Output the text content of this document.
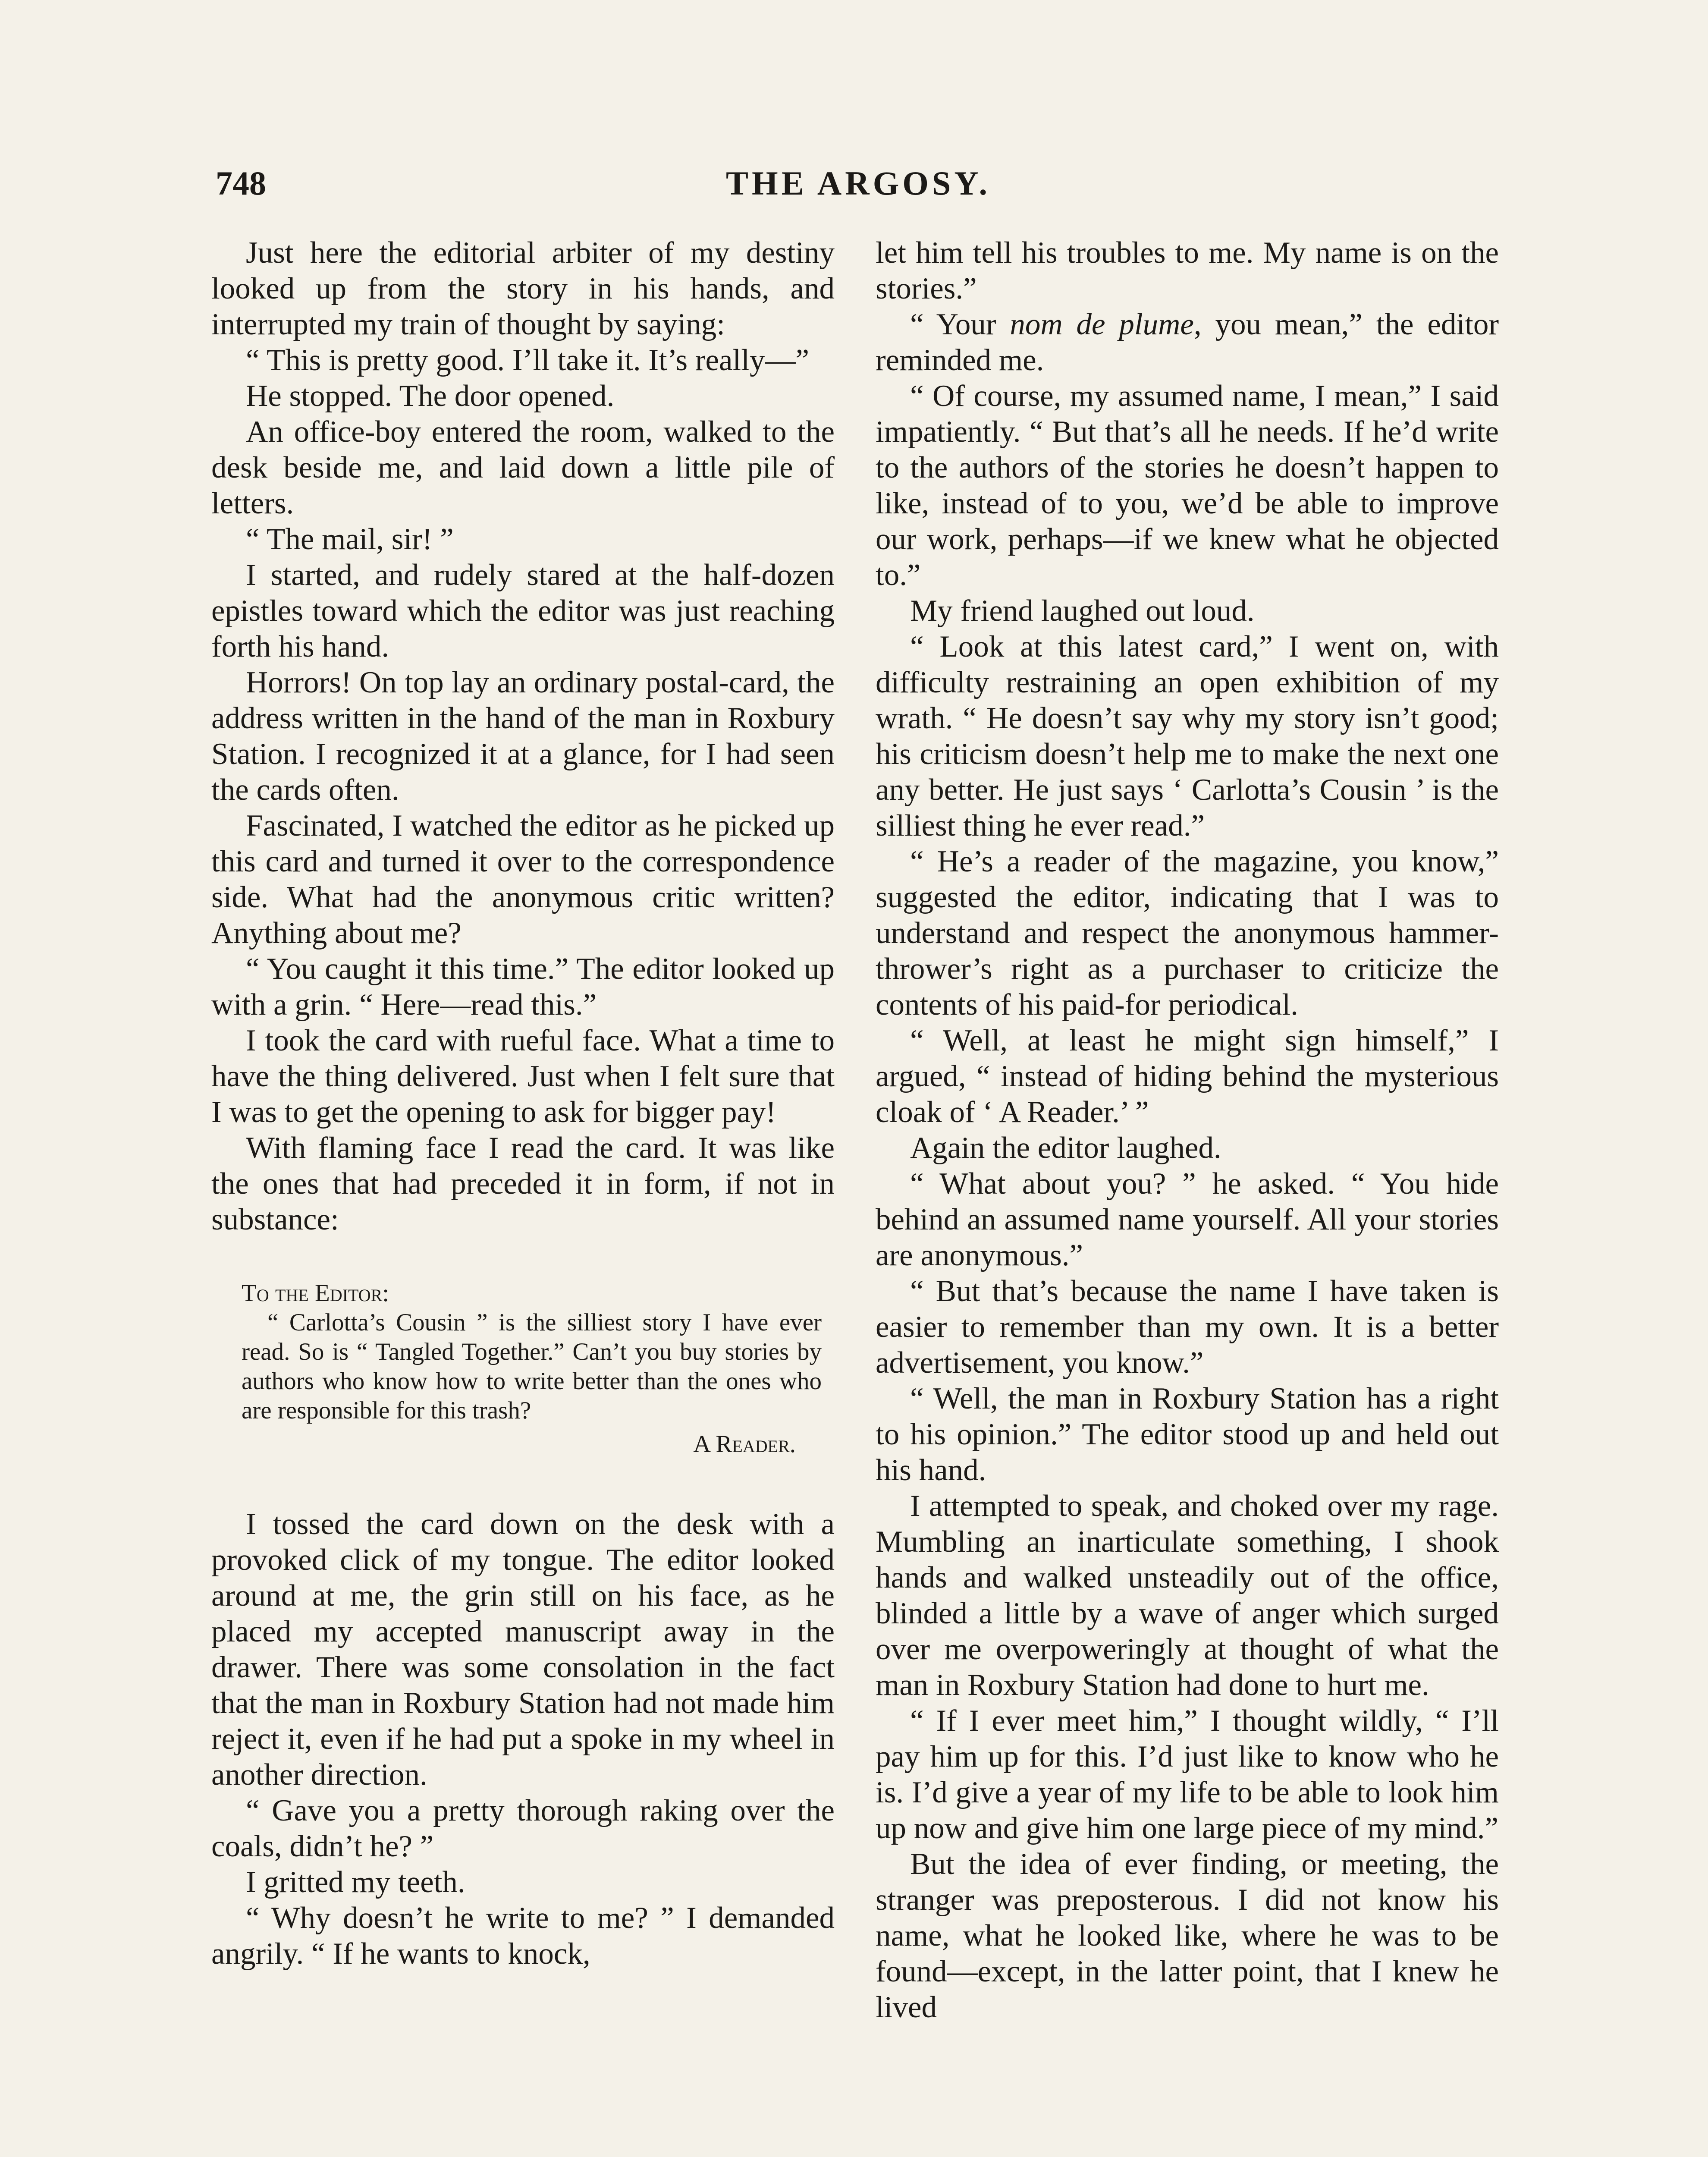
748	THE ARGOSY.

Just here the editorial arbiter of my destiny looked up from the story in his hands, and interrupted my train of thought by saying:

“ This is pretty good. I’ll take it. It’s really—”

He stopped. The door opened.

An office-boy entered the room, walked to the desk beside me, and laid down a little pile of letters.

“ The mail, sir! ”

I started, and rudely stared at the half-dozen epistles toward which the editor was just reaching forth his hand.

Horrors! On top lay an ordinary postal-card, the address written in the hand of the man in Roxbury Station. I recognized it at a glance, for I had seen the cards often.

Fascinated, I watched the editor as he picked up this card and turned it over to the correspondence side. What had the anonymous critic written? Anything about me?

“ You caught it this time.” The editor looked up with a grin. “ Here—read this.”

I took the card with rueful face. What a time to have the thing delivered. Just when I felt sure that I was to get the opening to ask for bigger pay!

With flaming face I read the card. It was like the ones that had preceded it in form, if not in substance:

To the Editor:

“ Carlotta’s Cousin ” is the silliest story I have ever read. So is “ Tangled Together.” Can’t you buy stories by authors who know how to write better than the ones who are responsible for this trash?

A Reader.

I tossed the card down on the desk with a provoked click of my tongue. The editor looked around at me, the grin still on his face, as he placed my accepted manuscript away in the drawer. There was some consolation in the fact that the man in Roxbury Station had not made him reject it, even if he had put a spoke in my wheel in another direction.

“ Gave you a pretty thorough raking over the coals, didn’t he? ”

I gritted my teeth.

“ Why doesn’t he write to me? ” I demanded angrily. “ If he wants to knock,

let him tell his troubles to me. My name is on the stories.”

“ Your nom de plume, you mean,” the editor reminded me.

“ Of course, my assumed name, I mean,” I said impatiently. “ But that’s all he needs. If he’d write to the authors of the stories he doesn’t happen to like, instead of to you, we’d be able to improve our work, perhaps—if we knew what he objected to.”

My friend laughed out loud.

“ Look at this latest card,” I went on, with difficulty restraining an open exhibition of my wrath. “ He doesn’t say why my story isn’t good; his criticism doesn’t help me to make the next one any better. He just says ‘ Carlotta’s Cousin ’ is the silliest thing he ever read.”

“ He’s a reader of the magazine, you know,” suggested the editor, indicating that I was to understand and respect the anonymous hammer-thrower’s right as a purchaser to criticize the contents of his paid-for periodical.

“ Well, at least he might sign himself,” I argued, “ instead of hiding behind the mysterious cloak of ‘ A Reader.’ ”

Again the editor laughed.

“ What about you? ” he asked. “ You hide behind an assumed name yourself. All your stories are anonymous.”

“ But that’s because the name I have taken is easier to remember than my own. It is a better advertisement, you know.”

“ Well, the man in Roxbury Station has a right to his opinion.” The editor stood up and held out his hand.

I attempted to speak, and choked over my rage. Mumbling an inarticulate something, I shook hands and walked unsteadily out of the office, blinded a little by a wave of anger which surged over me overpoweringly at thought of what the man in Roxbury Station had done to hurt me.

“ If I ever meet him,” I thought wildly, “ I’ll pay him up for this. I’d just like to know who he is. I’d give a year of my life to be able to look him up now and give him one large piece of my mind.”

But the idea of ever finding, or meeting, the stranger was preposterous. I did not know his name, what he looked like, where he was to be found—except, in the latter point, that I knew he lived
